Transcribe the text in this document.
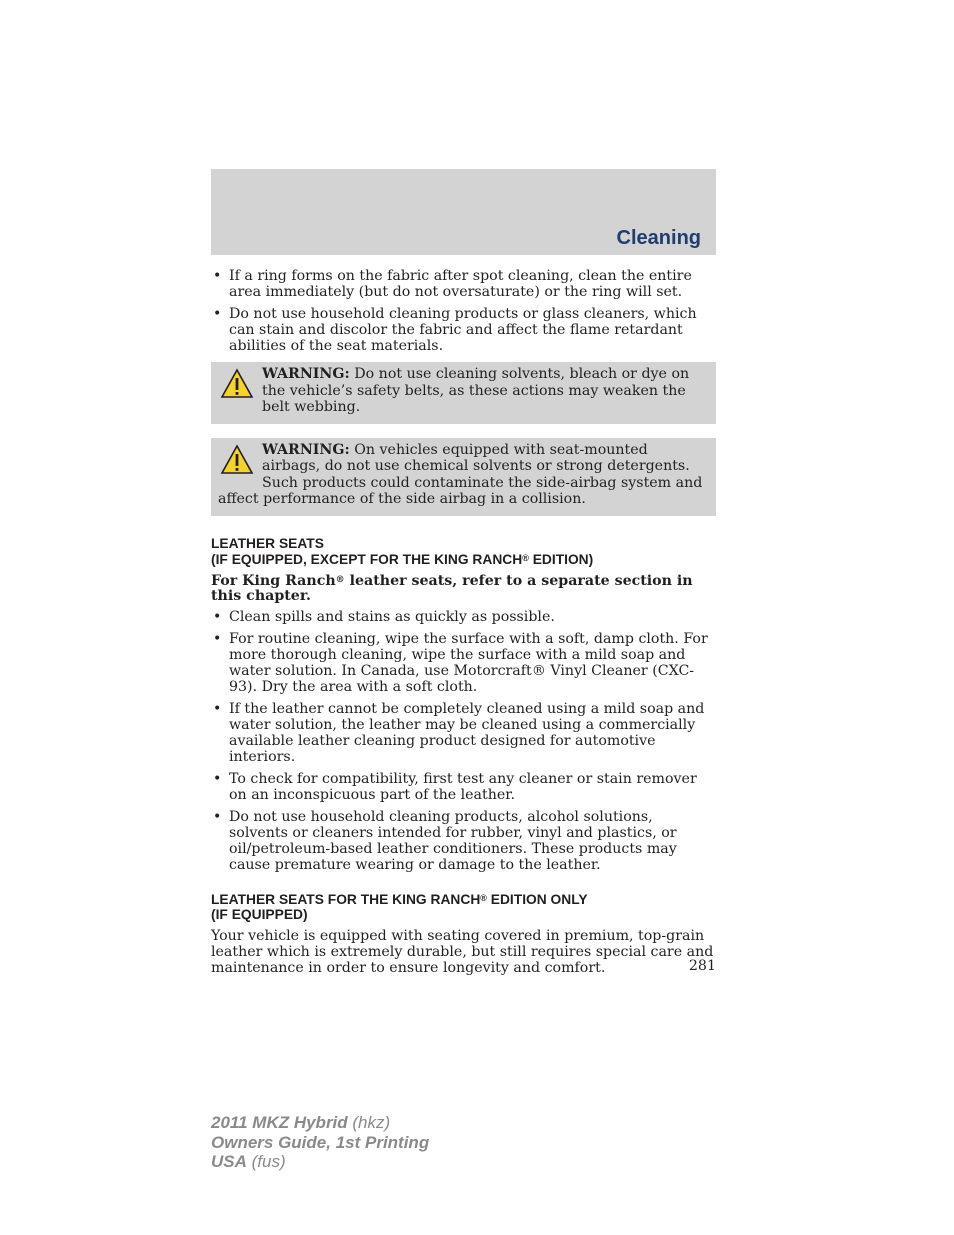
Cleaning
• If a ring forms on the fabric after spot cleaning, clean the entire area immediately (but do not oversaturate) or the ring will set.
• Do not use household cleaning products or glass cleaners, which can stain and discolor the fabric and affect the flame retardant abilities of the seat materials.
WARNING: Do not use cleaning solvents, bleach or dye on the vehicle’s safety belts, as these actions may weaken the belt webbing.
WARNING: On vehicles equipped with seat-mounted airbags, do not use chemical solvents or strong detergents. Such products could contaminate the side-airbag system and affect performance of the side airbag in a collision.
LEATHER SEATS
(IF EQUIPPED, EXCEPT FOR THE KING RANCH® EDITION)

For King Ranch® leather seats, refer to a separate section in this chapter.

• Clean spills and stains as quickly as possible.
• For routine cleaning, wipe the surface with a soft, damp cloth. For more thorough cleaning, wipe the surface with a mild soap and water solution. In Canada, use Motorcraft® Vinyl Cleaner (CXC-93). Dry the area with a soft cloth.
• If the leather cannot be completely cleaned using a mild soap and water solution, the leather may be cleaned using a commercially available leather cleaning product designed for automotive interiors.
• To check for compatibility, first test any cleaner or stain remover on an inconspicuous part of the leather.
• Do not use household cleaning products, alcohol solutions, solvents or cleaners intended for rubber, vinyl and plastics, or oil/petroleum-based leather conditioners. These products may cause premature wearing or damage to the leather.
LEATHER SEATS FOR THE KING RANCH® EDITION ONLY
(IF EQUIPPED)

Your vehicle is equipped with seating covered in premium, top-grain leather which is extremely durable, but still requires special care and maintenance in order to ensure longevity and comfort.	281
2011 MKZ Hybrid (hkz)
Owners Guide, 1st Printing
USA (fus)
